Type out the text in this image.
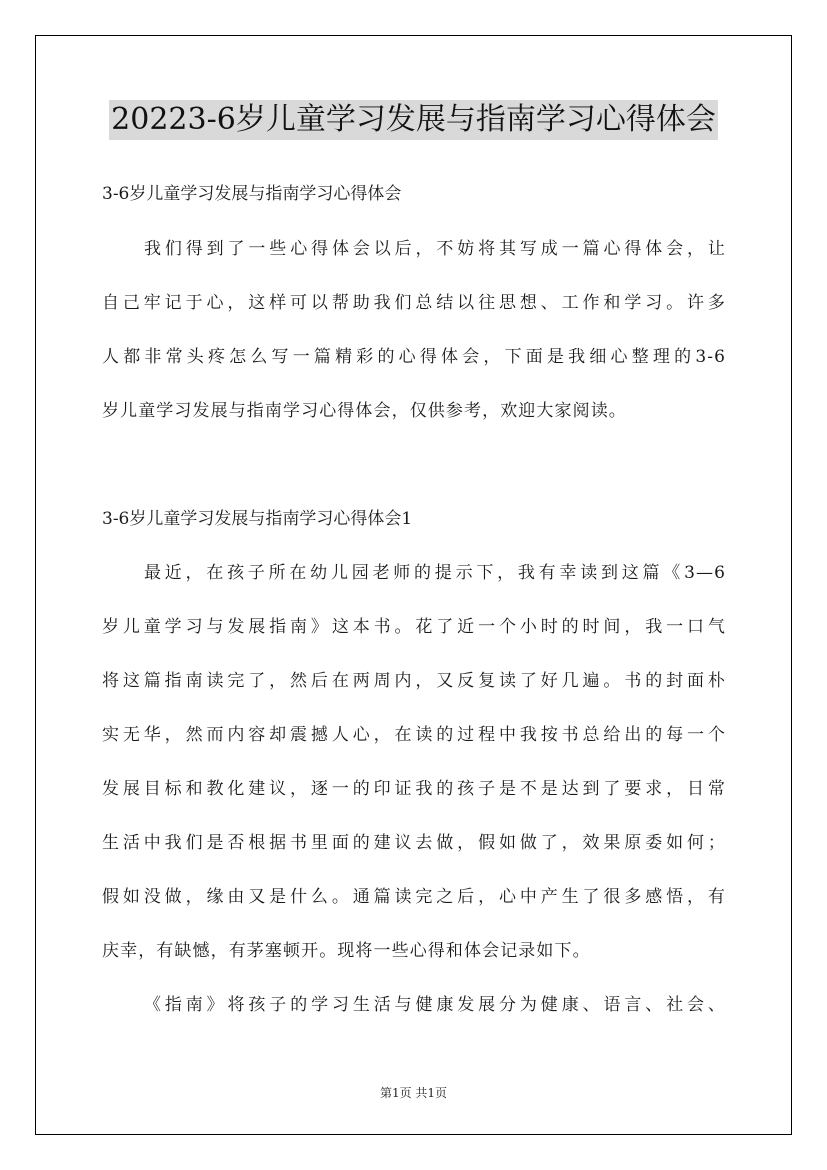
20223-6岁儿童学习发展与指南学习心得体会
3-6岁儿童学习发展与指南学习心得体会
我们得到了一些心得体会以后，不妨将其写成一篇心得体会，让
自己牢记于心，这样可以帮助我们总结以往思想、工作和学习。许多
人都非常头疼怎么写一篇精彩的心得体会，下面是我细心整理的3-6
岁儿童学习发展与指南学习心得体会，仅供参考，欢迎大家阅读。
3-6岁儿童学习发展与指南学习心得体会1
最近，在孩子所在幼儿园老师的提示下，我有幸读到这篇《3—6
岁儿童学习与发展指南》这本书。花了近一个小时的时间，我一口气
将这篇指南读完了，然后在两周内，又反复读了好几遍。书的封面朴
实无华，然而内容却震撼人心，在读的过程中我按书总给出的每一个
发展目标和教化建议，逐一的印证我的孩子是不是达到了要求，日常
生活中我们是否根据书里面的建议去做，假如做了，效果原委如何；
假如没做，缘由又是什么。通篇读完之后，心中产生了很多感悟，有
庆幸，有缺憾，有茅塞顿开。现将一些心得和体会记录如下。
《指南》将孩子的学习生活与健康发展分为健康、语言、社会、
第1页 共1页
